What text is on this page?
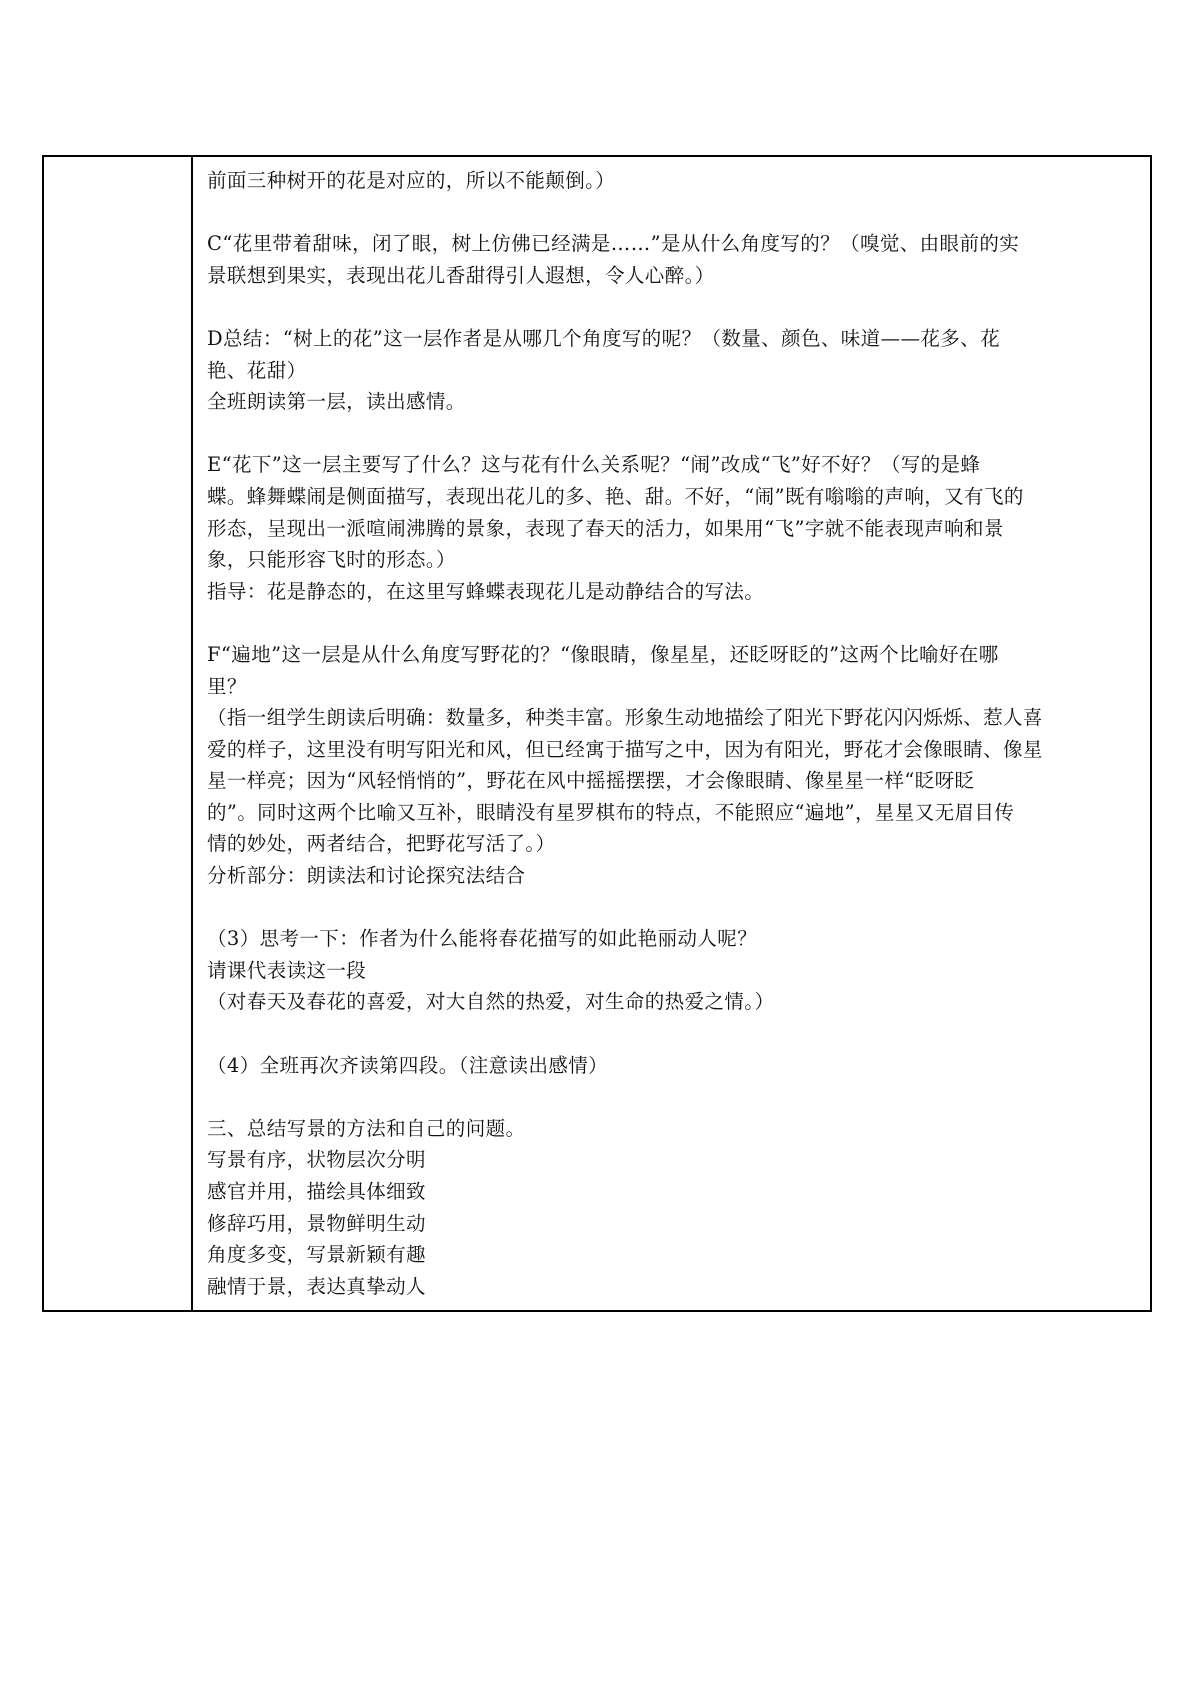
前面三种树开的花是对应的，所以不能颠倒。）
C“花里带着甜味，闭了眼，树上仿佛已经满是……”是从什么角度写的？（嗅觉、由眼前的实
景联想到果实，表现出花儿香甜得引人遐想，令人心醉。）
D总结：“树上的花”这一层作者是从哪几个角度写的呢？（数量、颜色、味道——花多、花
艳、花甜）
全班朗读第一层，读出感情。
E“花下”这一层主要写了什么？这与花有什么关系呢？“闹”改成“飞”好不好？（写的是蜂
蝶。蜂舞蝶闹是侧面描写，表现出花儿的多、艳、甜。不好，“闹”既有嗡嗡的声响，又有飞的
形态，呈现出一派喧闹沸腾的景象，表现了春天的活力，如果用“飞”字就不能表现声响和景
象，只能形容飞时的形态。）
指导：花是静态的，在这里写蜂蝶表现花儿是动静结合的写法。
F“遍地”这一层是从什么角度写野花的？“像眼睛，像星星，还眨呀眨的”这两个比喻好在哪
里？
（指一组学生朗读后明确：数量多，种类丰富。形象生动地描绘了阳光下野花闪闪烁烁、惹人喜
爱的样子，这里没有明写阳光和风，但已经寓于描写之中，因为有阳光，野花才会像眼睛、像星
星一样亮；因为“风轻悄悄的”，野花在风中摇摇摆摆，才会像眼睛、像星星一样“眨呀眨
的”。同时这两个比喻又互补，眼睛没有星罗棋布的特点，不能照应“遍地”，星星又无眉目传
情的妙处，两者结合，把野花写活了。）
分析部分：朗读法和讨论探究法结合
（3）思考一下：作者为什么能将春花描写的如此艳丽动人呢？
请课代表读这一段
（对春天及春花的喜爱，对大自然的热爱，对生命的热爱之情。）
（4）全班再次齐读第四段。（注意读出感情）
三、总结写景的方法和自己的问题。
写景有序，状物层次分明
感官并用，描绘具体细致
修辞巧用，景物鲜明生动
角度多变，写景新颖有趣
融情于景，表达真挚动人
